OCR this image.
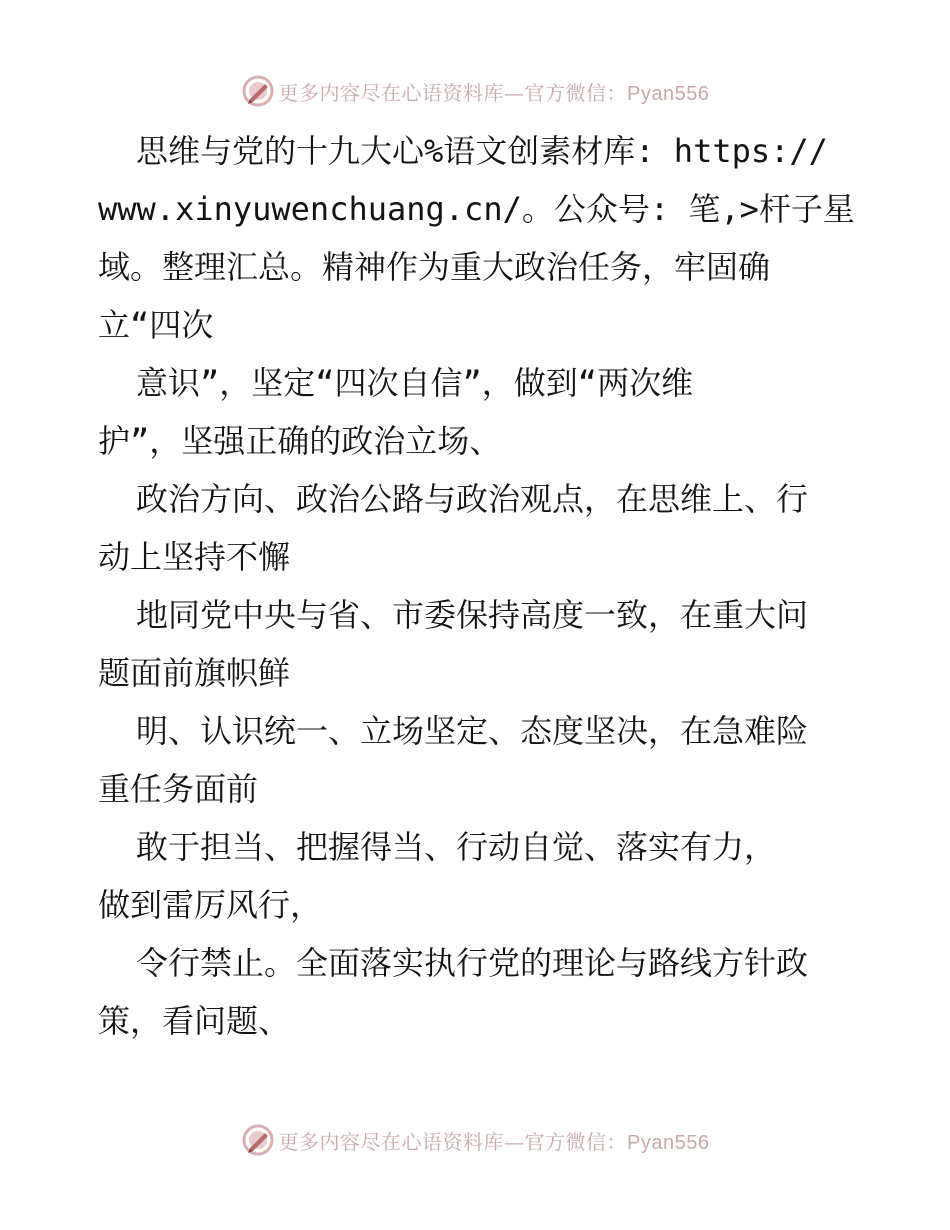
更多内容尽在心语资料库—官方微信：Pyan556
思维与党的十九大心%语文创素材库: https://
www.xinyuwenchuang.cn/。公众号: 笔,>杆子星
域。整理汇总。精神作为重大政治任务，牢固确
立“四次
意识”，坚定“四次自信”，做到“两次维
护”，坚强正确的政治立场、
政治方向、政治公路与政治观点，在思维上、行
动上坚持不懈
地同党中央与省、市委保持高度一致，在重大问
题面前旗帜鲜
明、认识统一、立场坚定、态度坚决，在急难险
重任务面前
敢于担当、把握得当、行动自觉、落实有力，
做到雷厉风行，
令行禁止。全面落实执行党的理论与路线方针政
策，看问题、
更多内容尽在心语资料库—官方微信：Pyan556
